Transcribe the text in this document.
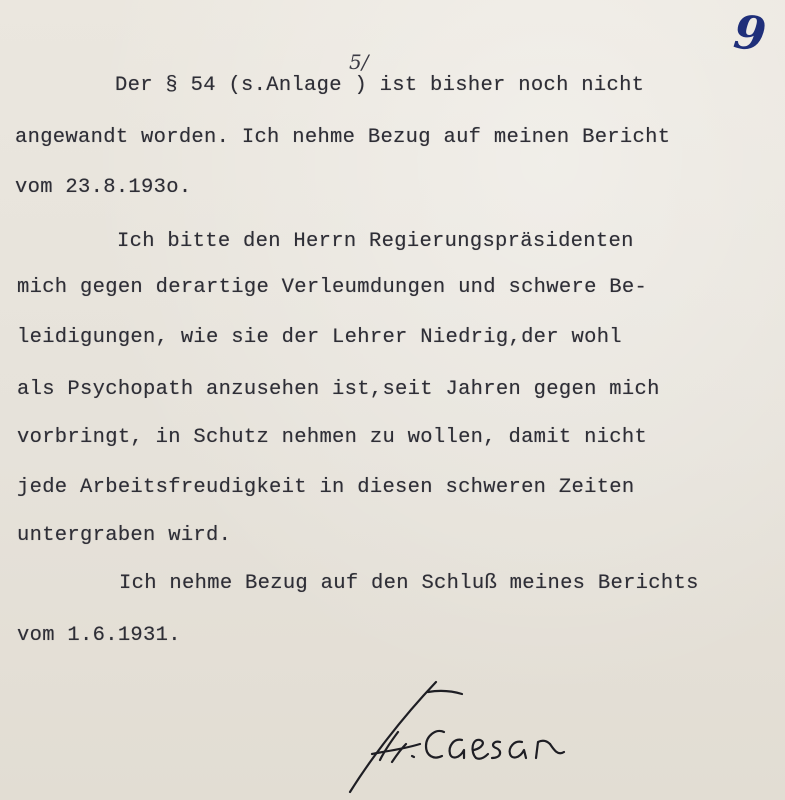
9
5/
Der § 54 (s.Anlage ) ist bisher noch nicht
angewandt worden. Ich nehme Bezug auf meinen Bericht
vom 23.8.193o.
Ich bitte den Herrn Regierungspräsidenten
mich gegen derartige Verleumdungen und schwere Be-
leidigungen, wie sie der Lehrer Niedrig,der wohl
als Psychopath anzusehen ist,seit Jahren gegen mich
vorbringt, in Schutz nehmen zu wollen, damit nicht
jede Arbeitsfreudigkeit in diesen schweren Zeiten
untergraben wird.
Ich nehme Bezug auf den Schluß meines Berichts
vom 1.6.1931.
